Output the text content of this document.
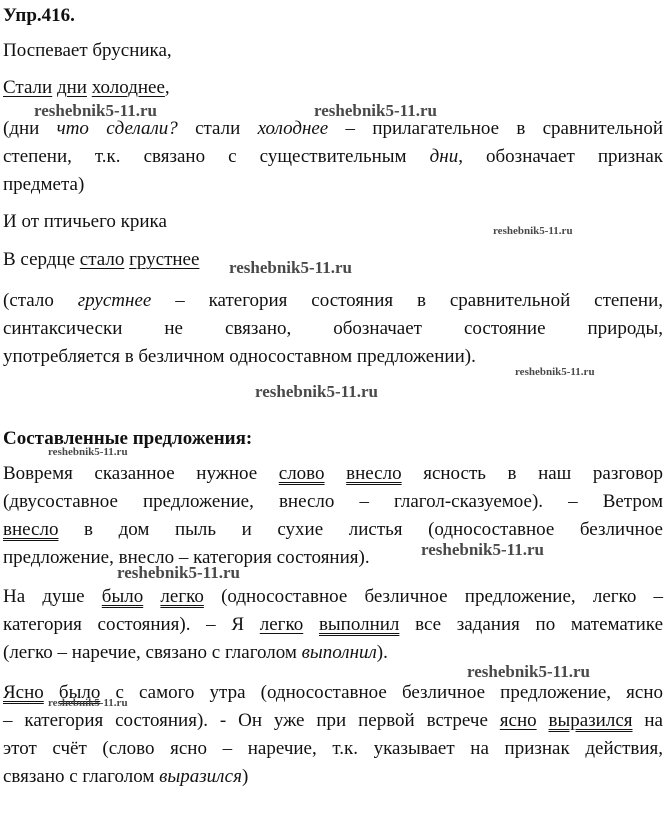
Упр.416.
Поспевает брусника,
Стали дни холоднее,
(дни что сделали? стали холоднее – прилагательное в сравнительной
степени, т.к. связано с существительным дни, обозначает признак
предмета)
И от птичьего крика
В сердце стало грустнее
(стало грустнее – категория состояния в сравнительной степени,
синтаксически не связано, обозначает состояние природы,
употребляется в безличном односоставном предложении).
Составленные предложения:
Вовремя сказанное нужное слово внесло ясность в наш разговор
(двусоставное предложение, внесло – глагол-сказуемое). – Ветром
внесло в дом пыль и сухие листья (односоставное безличное
предложение, внесло – категория состояния).
На душе было легко (односоставное безличное предложение, легко –
категория состояния). – Я легко выполнил все задания по математике
(легко – наречие, связано с глаголом выполнил).
Ясно было с самого утра (односоставное безличное предложение, ясно
– категория состояния). - Он уже при первой встрече ясно выразился на
этот счёт (слово ясно – наречие, т.к. указывает на признак действия,
связано с глаголом выразился)
reshebnik5-11.ru	reshebnik5-11.ru
reshebnik5-11.ru
reshebnik5-11.ru
reshebnik5-11.ru
reshebnik5-11.ru
reshebnik5-11.ru
reshebnik5-11.ru
reshebnik5-11.ru
reshebnik5-11.ru
reshebnik5-11.ru
